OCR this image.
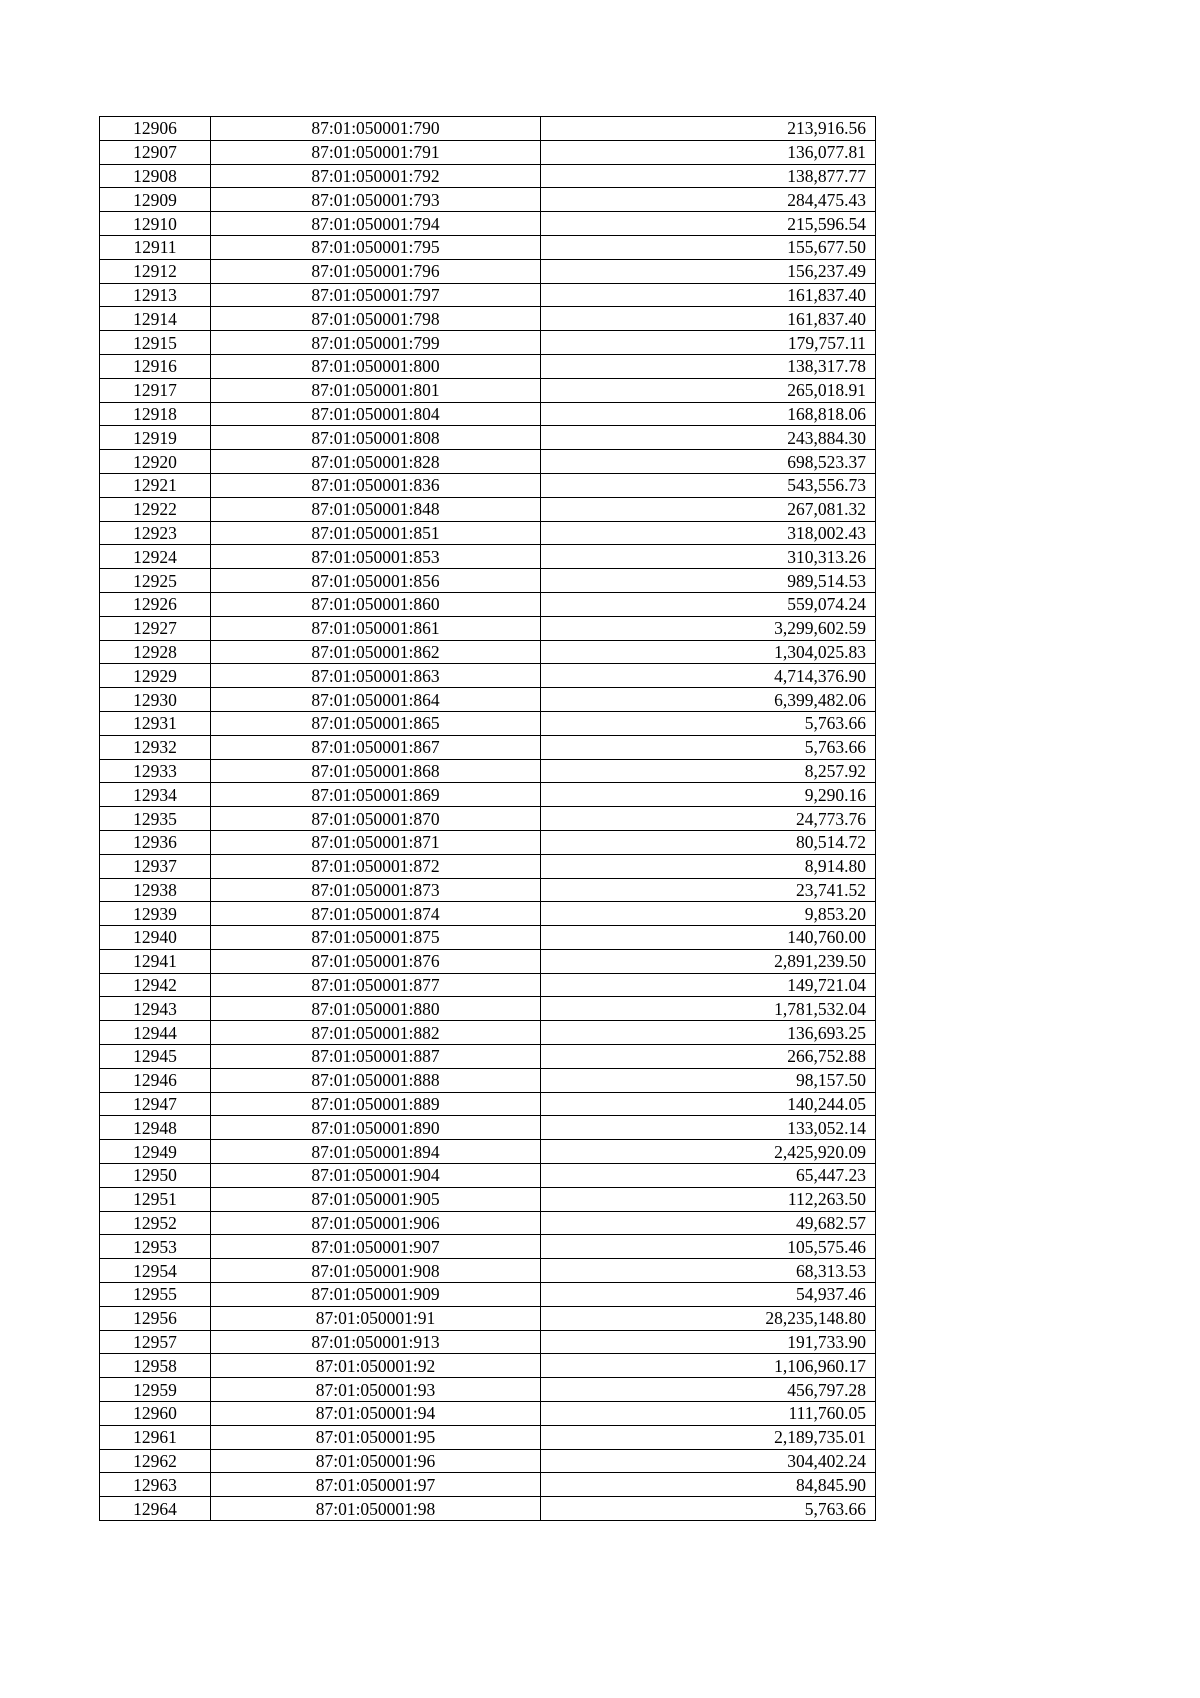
12906	87:01:050001:790	213,916.56
12907	87:01:050001:791	136,077.81
12908	87:01:050001:792	138,877.77
12909	87:01:050001:793	284,475.43
12910	87:01:050001:794	215,596.54
12911	87:01:050001:795	155,677.50
12912	87:01:050001:796	156,237.49
12913	87:01:050001:797	161,837.40
12914	87:01:050001:798	161,837.40
12915	87:01:050001:799	179,757.11
12916	87:01:050001:800	138,317.78
12917	87:01:050001:801	265,018.91
12918	87:01:050001:804	168,818.06
12919	87:01:050001:808	243,884.30
12920	87:01:050001:828	698,523.37
12921	87:01:050001:836	543,556.73
12922	87:01:050001:848	267,081.32
12923	87:01:050001:851	318,002.43
12924	87:01:050001:853	310,313.26
12925	87:01:050001:856	989,514.53
12926	87:01:050001:860	559,074.24
12927	87:01:050001:861	3,299,602.59
12928	87:01:050001:862	1,304,025.83
12929	87:01:050001:863	4,714,376.90
12930	87:01:050001:864	6,399,482.06
12931	87:01:050001:865	5,763.66
12932	87:01:050001:867	5,763.66
12933	87:01:050001:868	8,257.92
12934	87:01:050001:869	9,290.16
12935	87:01:050001:870	24,773.76
12936	87:01:050001:871	80,514.72
12937	87:01:050001:872	8,914.80
12938	87:01:050001:873	23,741.52
12939	87:01:050001:874	9,853.20
12940	87:01:050001:875	140,760.00
12941	87:01:050001:876	2,891,239.50
12942	87:01:050001:877	149,721.04
12943	87:01:050001:880	1,781,532.04
12944	87:01:050001:882	136,693.25
12945	87:01:050001:887	266,752.88
12946	87:01:050001:888	98,157.50
12947	87:01:050001:889	140,244.05
12948	87:01:050001:890	133,052.14
12949	87:01:050001:894	2,425,920.09
12950	87:01:050001:904	65,447.23
12951	87:01:050001:905	112,263.50
12952	87:01:050001:906	49,682.57
12953	87:01:050001:907	105,575.46
12954	87:01:050001:908	68,313.53
12955	87:01:050001:909	54,937.46
12956	87:01:050001:91	28,235,148.80
12957	87:01:050001:913	191,733.90
12958	87:01:050001:92	1,106,960.17
12959	87:01:050001:93	456,797.28
12960	87:01:050001:94	111,760.05
12961	87:01:050001:95	2,189,735.01
12962	87:01:050001:96	304,402.24
12963	87:01:050001:97	84,845.90
12964	87:01:050001:98	5,763.66
